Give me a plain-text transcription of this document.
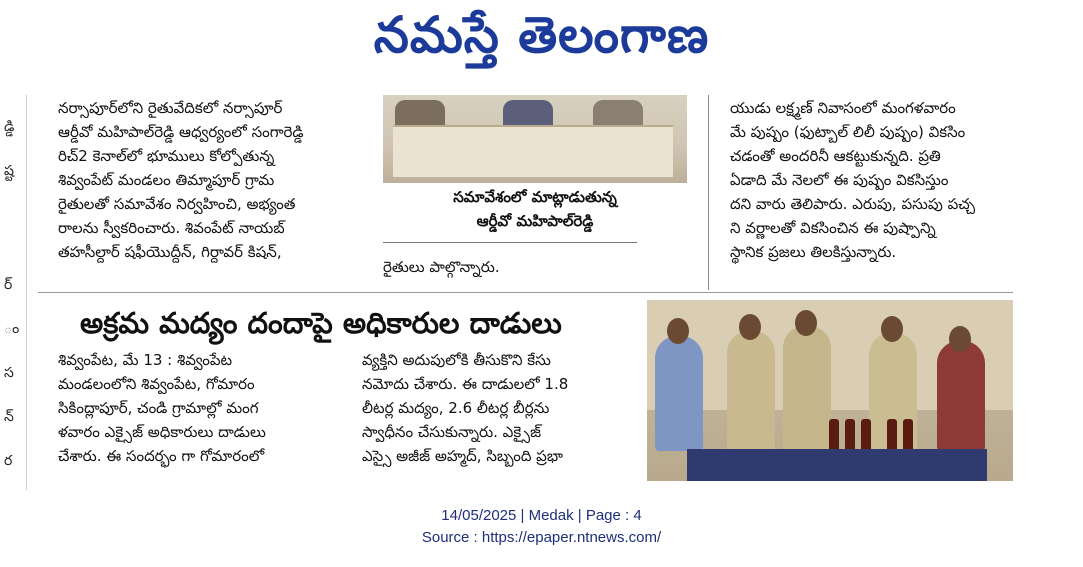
నమస్తే తెలంగాణ
డ్డి
ష్ట
ర్
ం
స
న్
ర

నర్సాపూర్‌లోని రైతువేదికలో నర్సాపూర్

ఆర్డీవో మహిపాల్‌రెడ్డి ఆధ్వర్యంలో సంగారెడ్డి

రిచ్‌2 కెనాల్‌లో భూములు కోల్పోతున్న

శివ్వంపేట్‌ మండలం తిమ్మాపూర్‌ గ్రామ

రైతులతో సమావేశం నిర్వహించి, అభ్యంత

రాలను స్వీకరించారు. శివంపేట్‌ నాయబ్‌

తహసీల్దార్‌ షఫీయొద్దీన్‌, గిర్దావర్‌ కిషన్‌,

సమావేశంలో మాట్లాడుతున్న
ఆర్డీవో మహిపాల్‌రెడ్డి

రైతులు పాల్గొన్నారు.

యుడు లక్ష్మణ్‌ నివాసంలో మంగళవారం

మే పుష్పం (ఫుట్బాల్‌ లిలీ పుష్పం) వికసిం

చడంతో అందరినీ ఆకట్టుకున్నది. ప్రతి

ఏడాది మే నెలలో ఈ పుష్పం వికసిస్తుం

దని వారు తెలిపారు. ఎరుపు, పసుపు పచ్చ

ని వర్ణాలతో వికసించిన ఈ పుష్పాన్ని

స్థానిక ప్రజలు తిలకిస్తున్నారు.

అక్రమ మద్యం దందాపై అధికారుల దాడులు

శివ్వంపేట, మే 13 : శివ్వంపేట

మండలంలోని శివ్వంపేట, గోమారం

సికింద్లాపూర్‌, చండి గ్రామాల్లో మంగ

ళవారం ఎక్సైజ్‌ అధికారులు దాడులు

చేశారు. ఈ సందర్భం గా గోమారంలో

వ్యక్తిని అదుపులోకి తీసుకొని కేసు

నమోదు చేశారు. ఈ దాడులలో 1.8

లీటర్ల మద్యం, 2.6 లీటర్ల బీర్లను

స్వాధీనం చేసుకున్నారు. ఎక్సైజ్‌

ఎస్సై అజీజ్‌ అహ్మద్‌, సిబ్బంది ప్రభా

14/05/2025 | Medak | Page : 4
Source : https://epaper.ntnews.com/
